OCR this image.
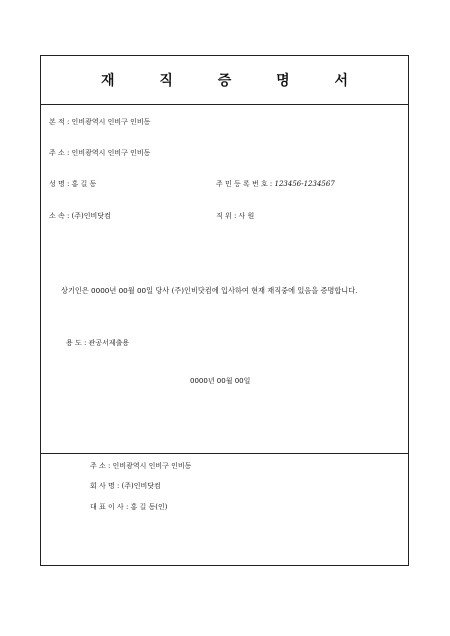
재 직 증 명 서
본 적 : 인비광역시 인비구 인비동
주 소 : 인비광역시 인비구 인비동
성 명 : 홍 길 동	주 민 등 록 번 호 : 123456-1234567
소 속 : (주)인비닷컴	직 위 : 사 원
상기인은 0000년 00월 00일 당사 (주)인비닷컴에 입사하여 현재 재직중에 있음을 증명합니다.
용 도 : 관공서제출용
0000년 00월 00일
주 소 : 인비광역시 인비구 인비동
회 사 명 : (주)인비닷컴
대 표 이 사 : 홍 길 동(인)
